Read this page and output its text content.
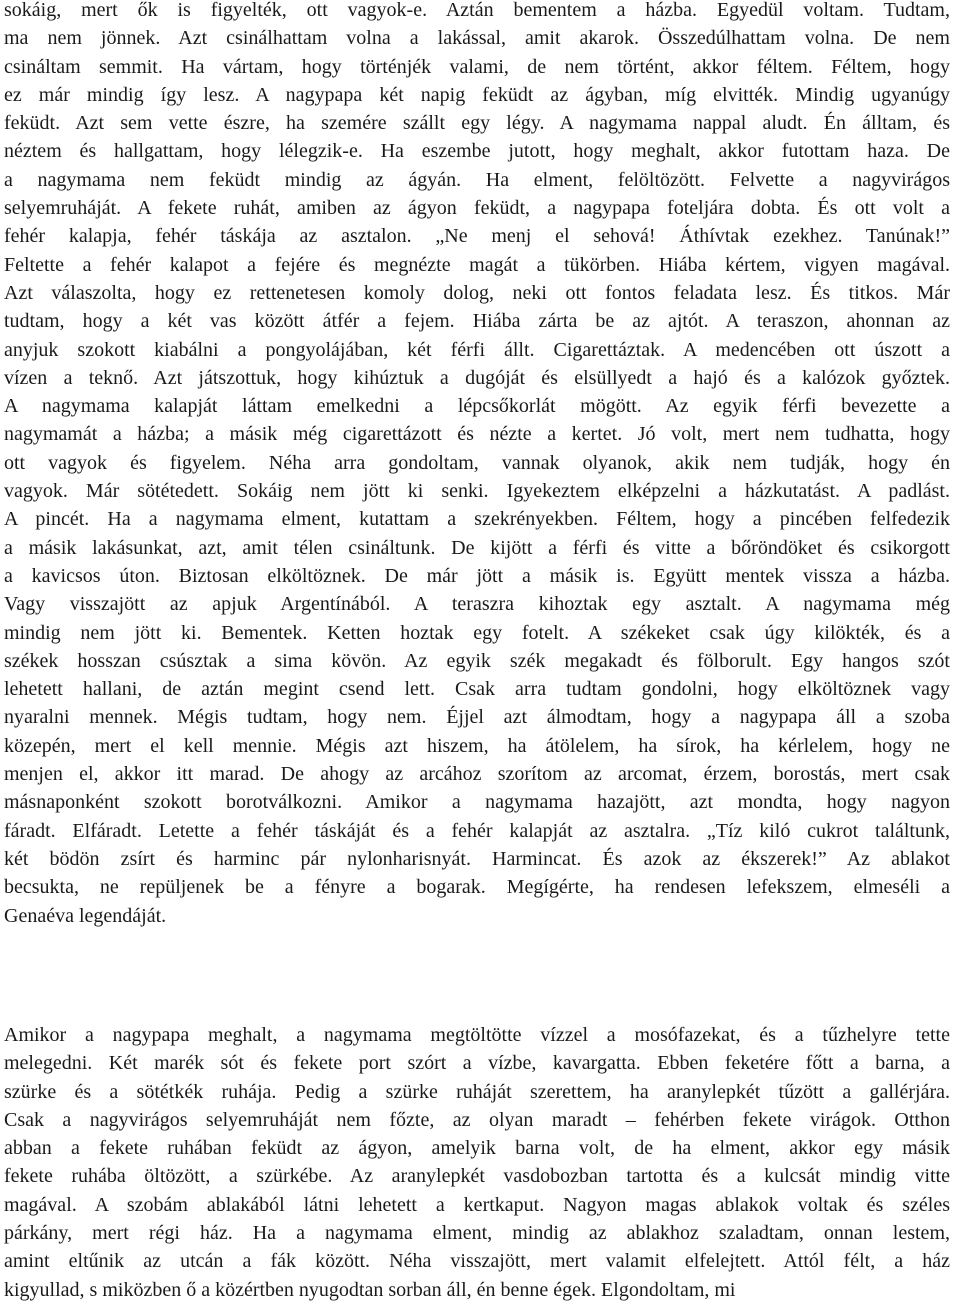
sokáig, mert ők is figyelték, ott vagyok-e. Aztán bementem a házba. Egyedül voltam. Tudtam,
ma nem jönnek. Azt csinálhattam volna a lakással, amit akarok. Összedúlhattam volna. De nem
csináltam semmit. Ha vártam, hogy történjék valami, de nem történt, akkor féltem. Féltem, hogy
ez már mindig így lesz. A nagypapa két napig feküdt az ágyban, míg elvitték. Mindig ugyanúgy
feküdt. Azt sem vette észre, ha szemére szállt egy légy. A nagymama nappal aludt. Én álltam, és
néztem és hallgattam, hogy lélegzik-e. Ha eszembe jutott, hogy meghalt, akkor futottam haza. De
a nagymama nem feküdt mindig az ágyán. Ha elment, felöltözött. Felvette a nagyvirágos
selyemruháját. A fekete ruhát, amiben az ágyon feküdt, a nagypapa foteljára dobta. És ott volt a
fehér kalapja, fehér táskája az asztalon. „Ne menj el sehová! Áthívtak ezekhez. Tanúnak!”
Feltette a fehér kalapot a fejére és megnézte magát a tükörben. Hiába kértem, vigyen magával.
Azt válaszolta, hogy ez rettenetesen komoly dolog, neki ott fontos feladata lesz. És titkos. Már
tudtam, hogy a két vas között átfér a fejem. Hiába zárta be az ajtót. A teraszon, ahonnan az
anyjuk szokott kiabálni a pongyolájában, két férfi állt. Cigarettáztak. A medencében ott úszott a
vízen a teknő. Azt játszottuk, hogy kihúztuk a dugóját és elsüllyedt a hajó és a kalózok győztek.
A nagymama kalapját láttam emelkedni a lépcsőkorlát mögött. Az egyik férfi bevezette a
nagymamát a házba; a másik még cigarettázott és nézte a kertet. Jó volt, mert nem tudhatta, hogy
ott vagyok és figyelem. Néha arra gondoltam, vannak olyanok, akik nem tudják, hogy én
vagyok. Már sötétedett. Sokáig nem jött ki senki. Igyekeztem elképzelni a házkutatást. A padlást.
A pincét. Ha a nagymama elment, kutattam a szekrényekben. Féltem, hogy a pincében felfedezik
a másik lakásunkat, azt, amit télen csináltunk. De kijött a férfi és vitte a bőröndöket és csikorgott
a kavicsos úton. Biztosan elköltöznek. De már jött a másik is. Együtt mentek vissza a házba.
Vagy visszajött az apjuk Argentínából. A teraszra kihoztak egy asztalt. A nagymama még
mindig nem jött ki. Bementek. Ketten hoztak egy fotelt. A székeket csak úgy kilökték, és a
székek hosszan csúsztak a sima kövön. Az egyik szék megakadt és fölborult. Egy hangos szót
lehetett hallani, de aztán megint csend lett. Csak arra tudtam gondolni, hogy elköltöznek vagy
nyaralni mennek. Mégis tudtam, hogy nem. Éjjel azt álmodtam, hogy a nagypapa áll a szoba
közepén, mert el kell mennie. Mégis azt hiszem, ha átölelem, ha sírok, ha kérlelem, hogy ne
menjen el, akkor itt marad. De ahogy az arcához szorítom az arcomat, érzem, borostás, mert csak
másnaponként szokott borotválkozni. Amikor a nagymama hazajött, azt mondta, hogy nagyon
fáradt. Elfáradt. Letette a fehér táskáját és a fehér kalapját az asztalra. „Tíz kiló cukrot találtunk,
két bödön zsírt és harminc pár nylonharisnyát. Harmincat. És azok az ékszerek!” Az ablakot
becsukta, ne repüljenek be a fényre a bogarak. Megígérte, ha rendesen lefekszem, elmeséli a
Genaéva legendáját.
Amikor a nagypapa meghalt, a nagymama megtöltötte vízzel a mosófazekat, és a tűzhelyre tette
melegedni. Két marék sót és fekete port szórt a vízbe, kavargatta. Ebben feketére főtt a barna, a
szürke és a sötétkék ruhája. Pedig a szürke ruháját szerettem, ha aranylepkét tűzött a gallérjára.
Csak a nagyvirágos selyemruháját nem főzte, az olyan maradt – fehérben fekete virágok. Otthon
abban a fekete ruhában feküdt az ágyon, amelyik barna volt, de ha elment, akkor egy másik
fekete ruhába öltözött, a szürkébe. Az aranylepkét vasdobozban tartotta és a kulcsát mindig vitte
magával. A szobám ablakából látni lehetett a kertkaput. Nagyon magas ablakok voltak és széles
párkány, mert régi ház. Ha a nagymama elment, mindig az ablakhoz szaladtam, onnan lestem,
amint eltűnik az utcán a fák között. Néha visszajött, mert valamit elfelejtett. Attól félt, a ház
kigyullad, s miközben ő a közértben nyugodtan sorban áll, én benne égek. Elgondoltam, mi
